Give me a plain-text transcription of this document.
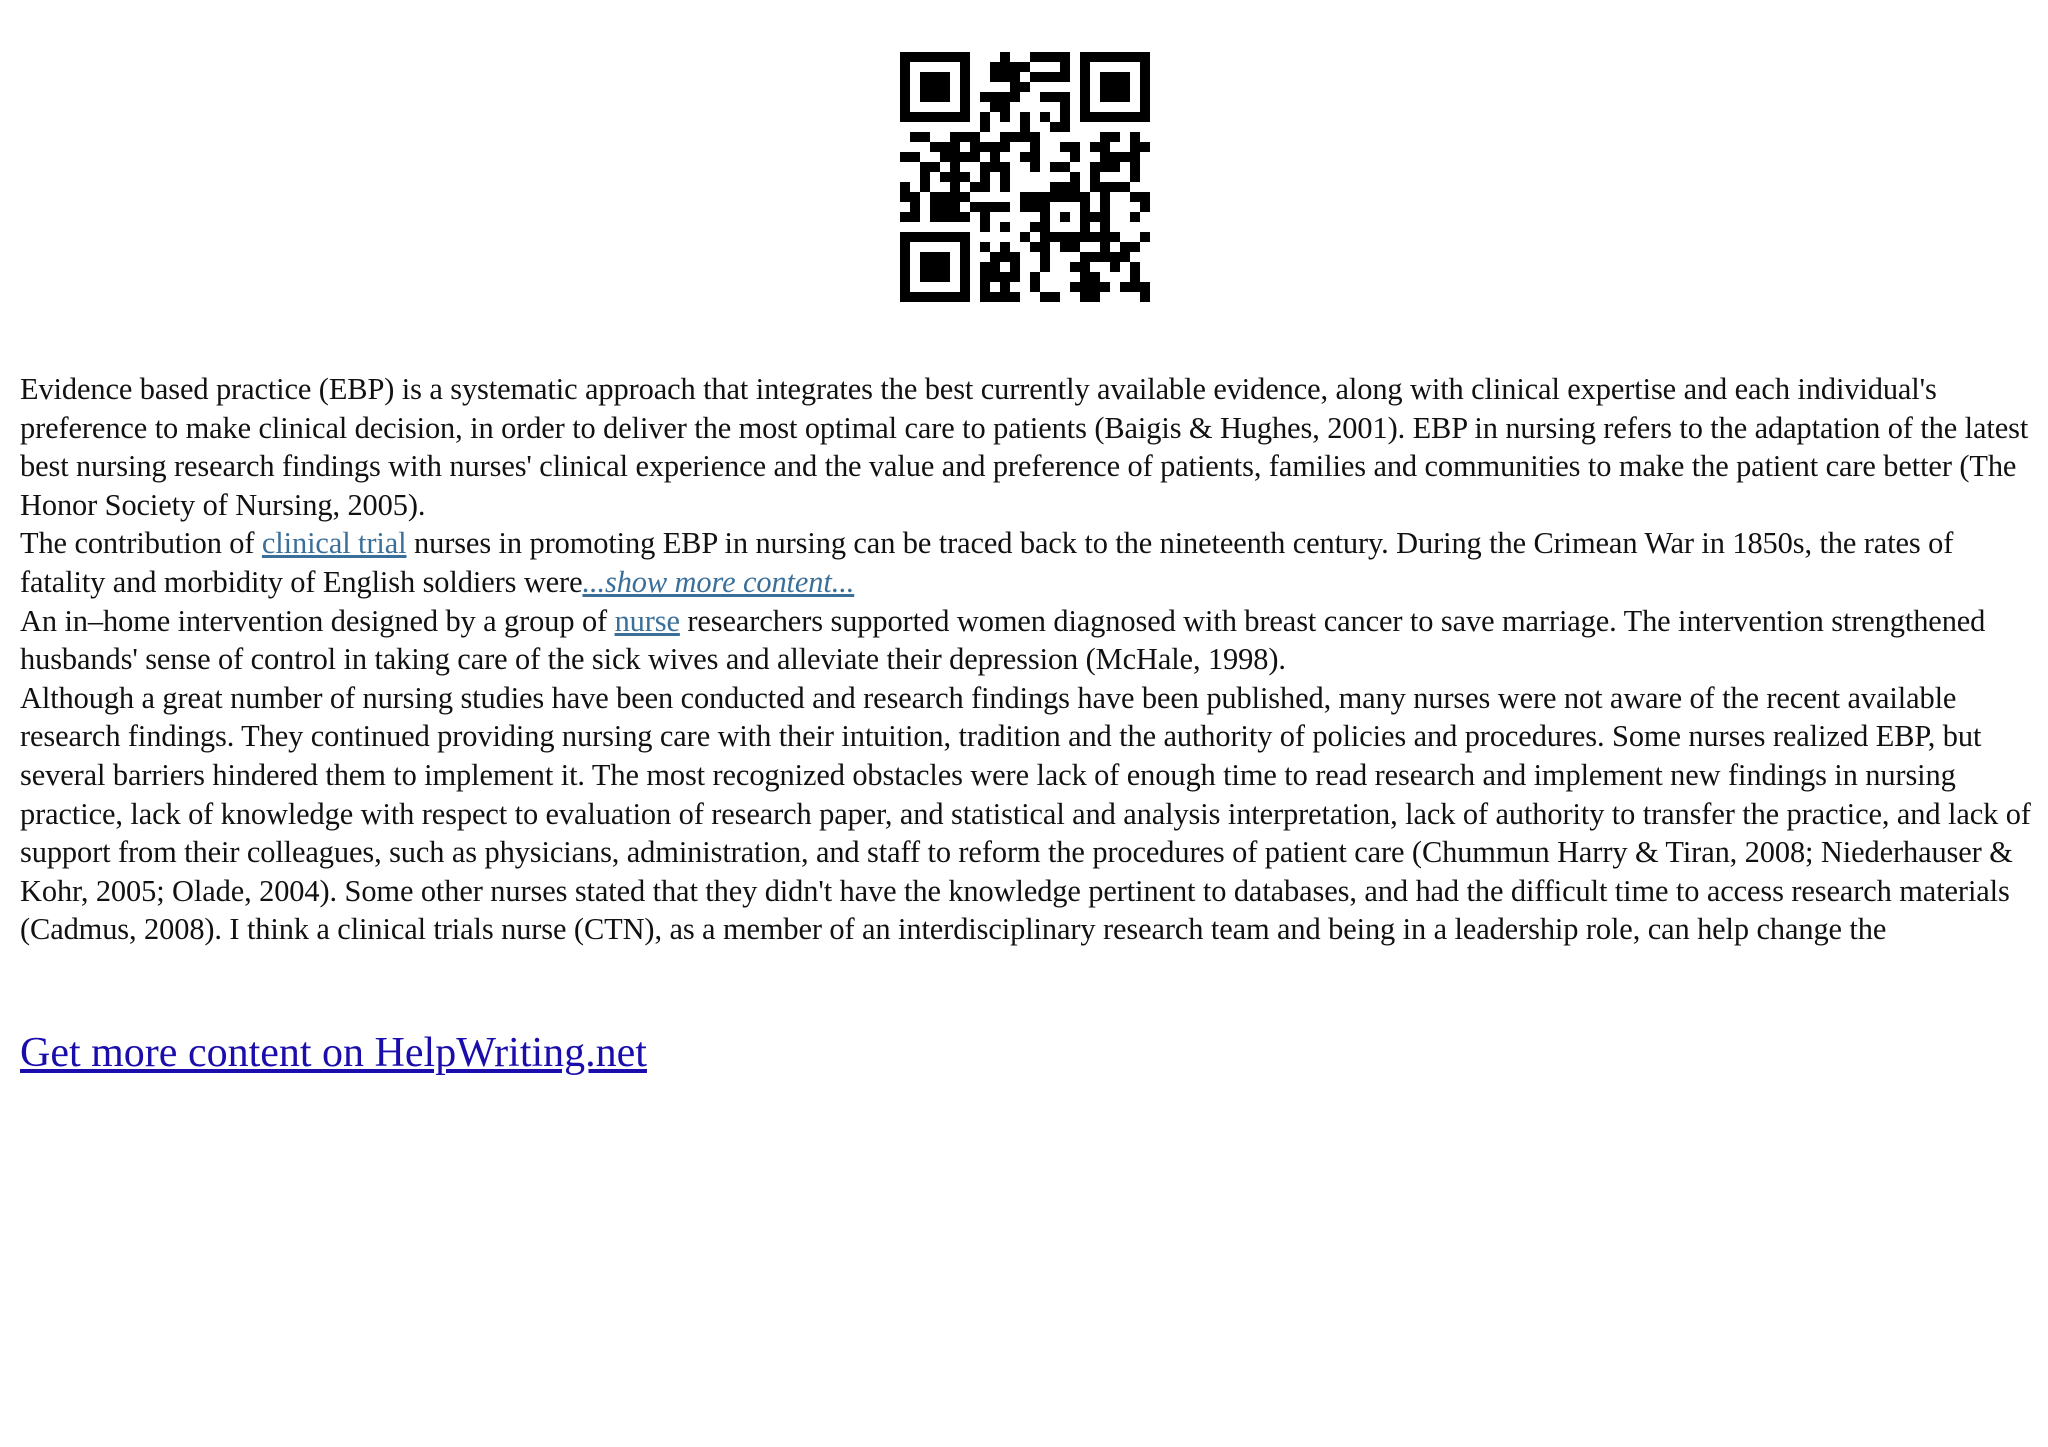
Evidence based practice (EBP) is a systematic approach that integrates the best currently available evidence, along with clinical expertise and each individual's preference to make clinical decision, in order to deliver the most optimal care to patients (Baigis & Hughes, 2001). EBP in nursing refers to the adaptation of the latest best nursing research findings with nurses' clinical experience and the value and preference of patients, families and communities to make the patient care better (The Honor Society of Nursing, 2005).

The contribution of clinical trial nurses in promoting EBP in nursing can be traced back to the nineteenth century. During the Crimean War in 1850s, the rates of fatality and morbidity of English soldiers were...show more content...

An in–home intervention designed by a group of nurse researchers supported women diagnosed with breast cancer to save marriage. The intervention strengthened husbands' sense of control in taking care of the sick wives and alleviate their depression (McHale, 1998).

Although a great number of nursing studies have been conducted and research findings have been published, many nurses were not aware of the recent available research findings. They continued providing nursing care with their intuition, tradition and the authority of policies and procedures. Some nurses realized EBP, but several barriers hindered them to implement it. The most recognized obstacles were lack of enough time to read research and implement new findings in nursing practice, lack of knowledge with respect to evaluation of research paper, and statistical and analysis interpretation, lack of authority to transfer the practice, and lack of support from their colleagues, such as physicians, administration, and staff to reform the procedures of patient care (Chummun Harry & Tiran, 2008; Niederhauser & Kohr, 2005; Olade, 2004). Some other nurses stated that they didn't have the knowledge pertinent to databases, and had the difficult time to access research materials (Cadmus, 2008). I think a clinical trials nurse (CTN), as a member of an interdisciplinary research team and being in a leadership role, can help change the

Get more content on HelpWriting.net
